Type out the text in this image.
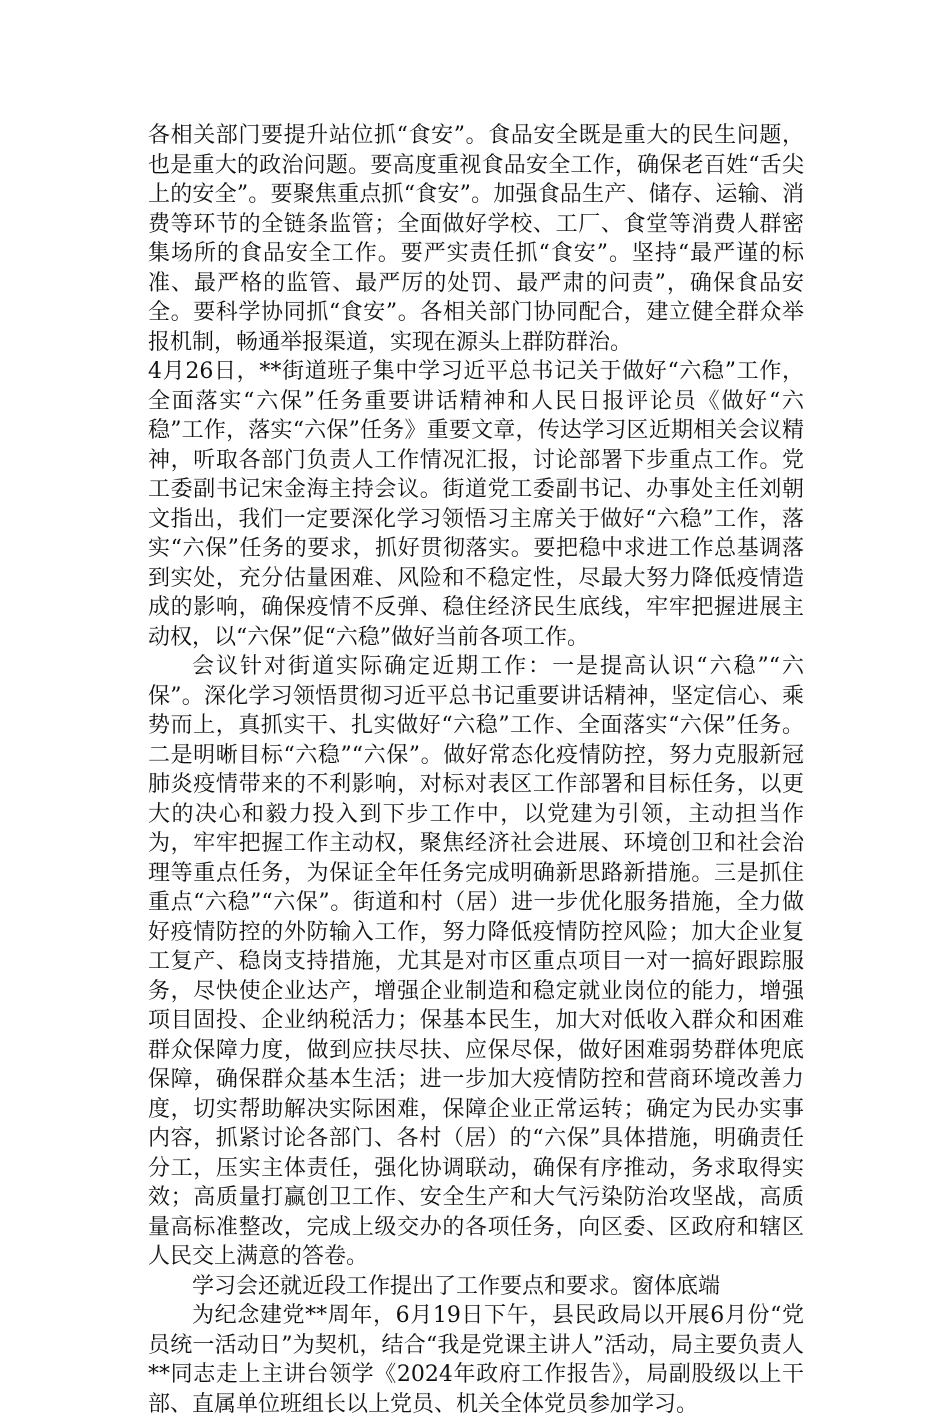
各相关部门要提升站位抓“食安”。食品安全既是重大的民生问题，也是重大的政治问题。要高度重视食品安全工作，确保老百姓“舌尖上的安全”。要聚焦重点抓“食安”。加强食品生产、储存、运输、消费等环节的全链条监管；全面做好学校、工厂、食堂等消费人群密集场所的食品安全工作。要严实责任抓“食安”。坚持“最严谨的标准、最严格的监管、最严厉的处罚、最严肃的问责”，确保食品安全。要科学协同抓“食安”。各相关部门协同配合，建立健全群众举报机制，畅通举报渠道，实现在源头上群防群治。

4月26日，**街道班子集中学习近平总书记关于做好“六稳”工作，全面落实“六保”任务重要讲话精神和人民日报评论员《做好“六稳”工作，落实“六保”任务》重要文章，传达学习区近期相关会议精神，听取各部门负责人工作情况汇报，讨论部署下步重点工作。党工委副书记宋金海主持会议。街道党工委副书记、办事处主任刘朝文指出，我们一定要深化学习领悟习主席关于做好“六稳”工作，落实“六保”任务的要求，抓好贯彻落实。要把稳中求进工作总基调落到实处，充分估量困难、风险和不稳定性，尽最大努力降低疫情造成的影响，确保疫情不反弹、稳住经济民生底线，牢牢把握进展主动权，以“六保”促“六稳”做好当前各项工作。

会议针对街道实际确定近期工作：一是提高认识“六稳”“六保”。深化学习领悟贯彻习近平总书记重要讲话精神，坚定信心、乘势而上，真抓实干、扎实做好“六稳”工作、全面落实“六保”任务。二是明晰目标“六稳”“六保”。做好常态化疫情防控，努力克服新冠肺炎疫情带来的不利影响，对标对表区工作部署和目标任务，以更大的决心和毅力投入到下步工作中，以党建为引领，主动担当作为，牢牢把握工作主动权，聚焦经济社会进展、环境创卫和社会治理等重点任务，为保证全年任务完成明确新思路新措施。三是抓住重点“六稳”“六保”。街道和村（居）进一步优化服务措施，全力做好疫情防控的外防输入工作，努力降低疫情防控风险；加大企业复工复产、稳岗支持措施，尤其是对市区重点项目一对一搞好跟踪服务，尽快使企业达产，增强企业制造和稳定就业岗位的能力，增强项目固投、企业纳税活力；保基本民生，加大对低收入群众和困难群众保障力度，做到应扶尽扶、应保尽保，做好困难弱势群体兜底保障，确保群众基本生活；进一步加大疫情防控和营商环境改善力度，切实帮助解决实际困难，保障企业正常运转；确定为民办实事内容，抓紧讨论各部门、各村（居）的“六保”具体措施，明确责任分工，压实主体责任，强化协调联动，确保有序推动，务求取得实效；高质量打赢创卫工作、安全生产和大气污染防治攻坚战，高质量高标准整改，完成上级交办的各项任务，向区委、区政府和辖区人民交上满意的答卷。

学习会还就近段工作提出了工作要点和要求。窗体底端

为纪念建党**周年，6月19日下午，县民政局以开展6月份“党员统一活动日”为契机，结合“我是党课主讲人”活动，局主要负责人**同志走上主讲台领学《2024年政府工作报告》，局副股级以上干部、直属单位班组长以上党员、机关全体党员参加学习。
